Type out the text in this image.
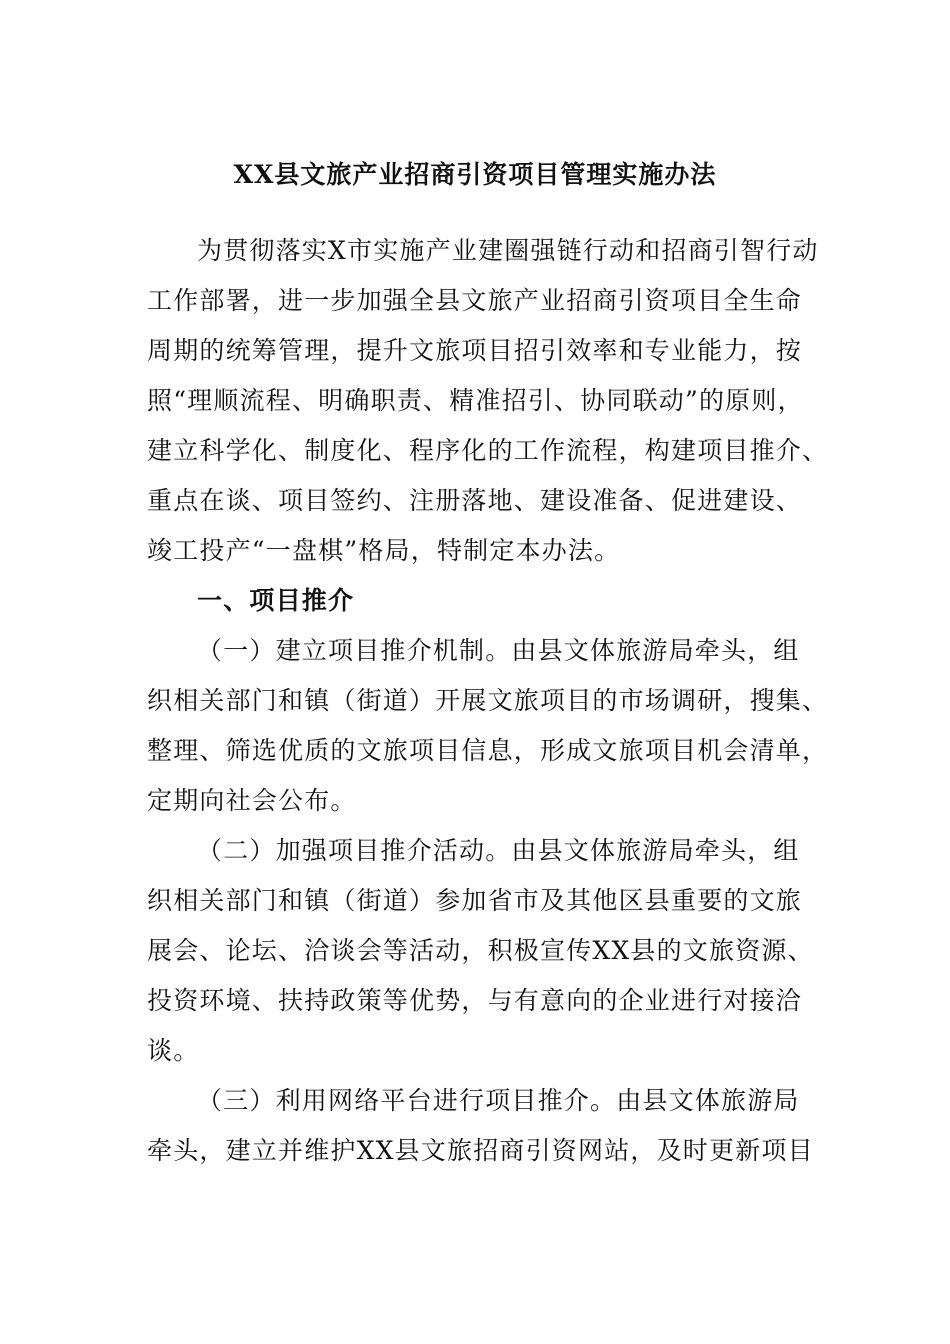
XX县文旅产业招商引资项目管理实施办法
为贯彻落实X市实施产业建圈强链行动和招商引智行动
工作部署，进一步加强全县文旅产业招商引资项目全生命
周期的统筹管理，提升文旅项目招引效率和专业能力，按
照“理顺流程、明确职责、精准招引、协同联动”的原则，
建立科学化、制度化、程序化的工作流程，构建项目推介、
重点在谈、项目签约、注册落地、建设准备、促进建设、
竣工投产“一盘棋”格局，特制定本办法。
一、项目推介
（一）建立项目推介机制。由县文体旅游局牵头，组
织相关部门和镇（街道）开展文旅项目的市场调研，搜集、
整理、筛选优质的文旅项目信息，形成文旅项目机会清单，
定期向社会公布。
（二）加强项目推介活动。由县文体旅游局牵头，组
织相关部门和镇（街道）参加省市及其他区县重要的文旅
展会、论坛、洽谈会等活动，积极宣传XX县的文旅资源、
投资环境、扶持政策等优势，与有意向的企业进行对接洽
谈。
（三）利用网络平台进行项目推介。由县文体旅游局
牵头，建立并维护XX县文旅招商引资网站，及时更新项目
